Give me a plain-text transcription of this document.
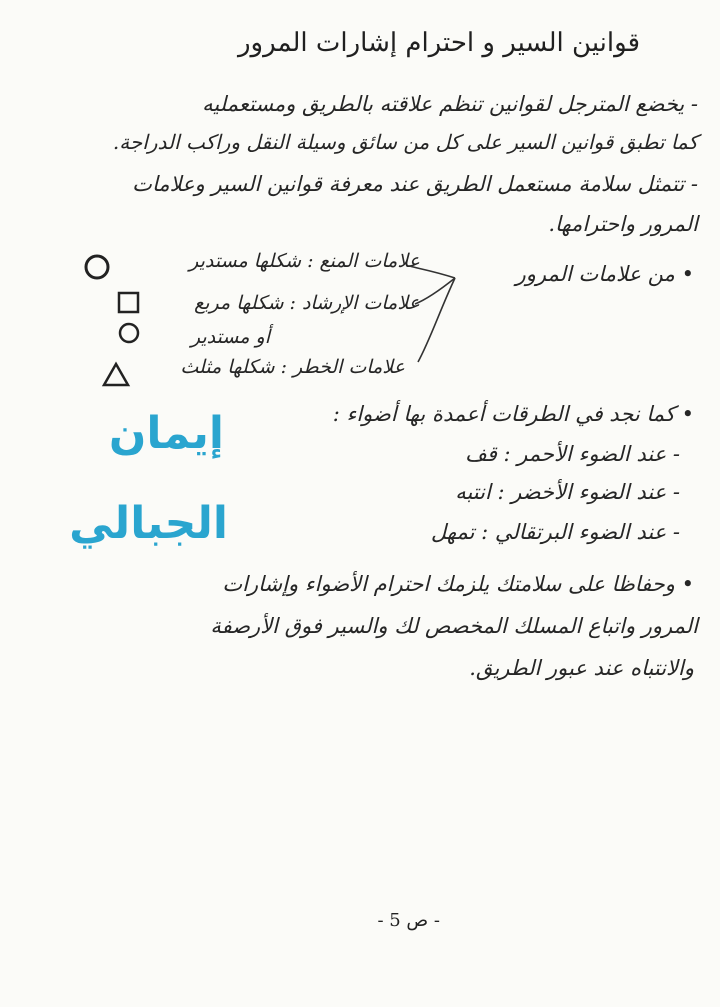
قوانين السير و احترام إشارات المرور
- يخضع المترجل لقوانين تنظم علاقته بالطريق ومستعمليه
كما تطبق قوانين السير على كل من سائق وسيلة النقل وراكب الدراجة.
- تتمثل سلامة مستعمل الطريق عند معرفة قوانين السير وعلامات
المرور واحترامها.
• من علامات المرور
علامات المنع : شكلها مستدير
علامات الإرشاد : شكلها مربع
أو مستدير
علامات الخطر : شكلها مثلث
• كما نجد في الطرقات أعمدة بها أضواء :
- عند الضوء الأحمر : قف
- عند الضوء الأخضر : انتبه
- عند الضوء البرتقالي : تمهل
إيمان
الجبالي
• وحفاظا على سلامتك يلزمك احترام الأضواء وإشارات
المرور واتباع المسلك المخصص لك والسير فوق الأرصفة
والانتباه عند عبور الطريق.
- ص 5 -
